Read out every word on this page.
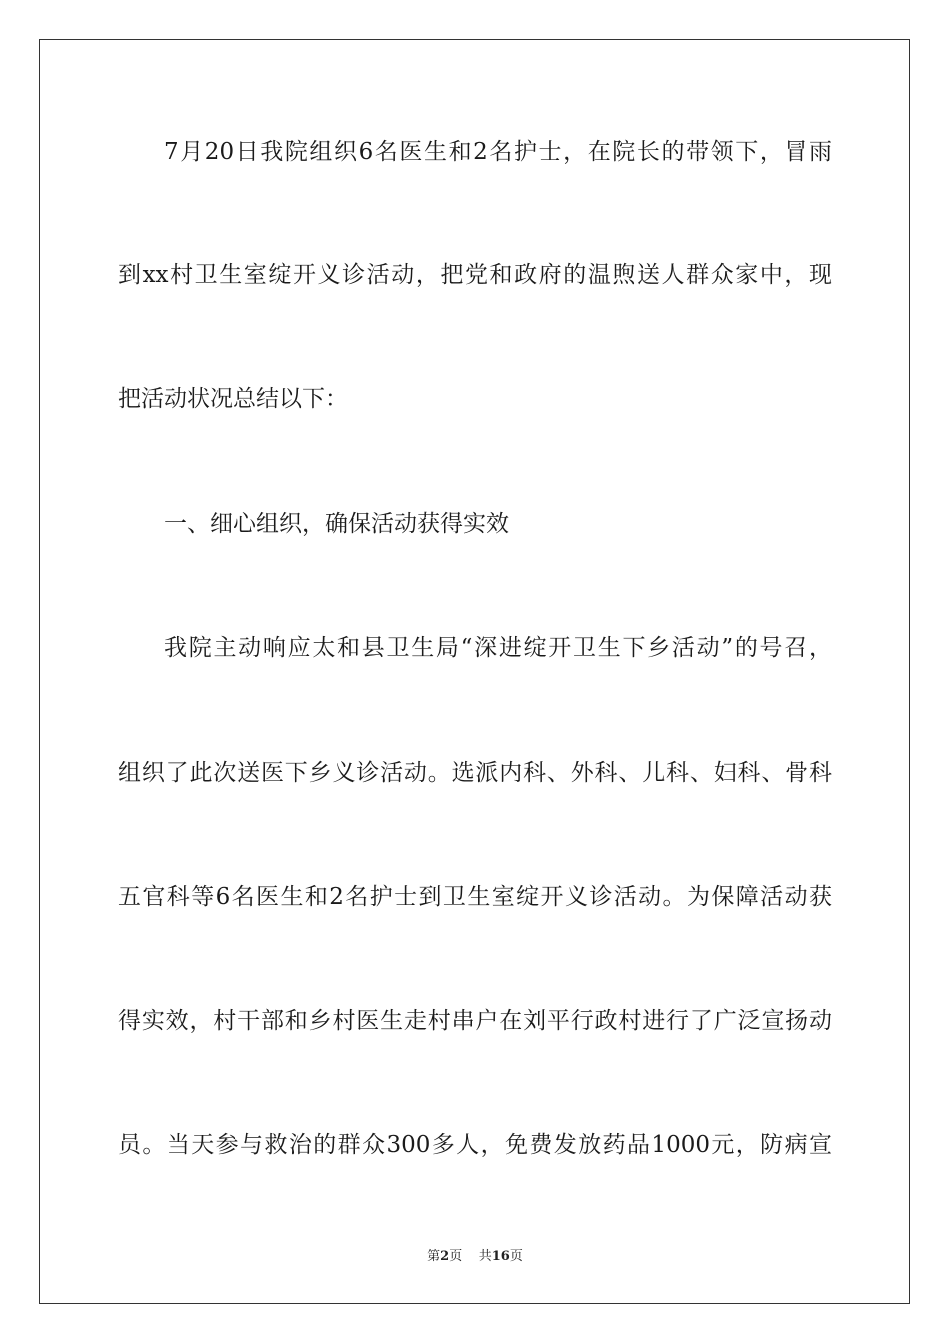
7月20日我院组织6名医生和2名护士，在院长的带领下，冒雨
到xx村卫生室绽开义诊活动，把党和政府的温煦送人群众家中，现
把活动状况总结以下：
一、细心组织，确保活动获得实效
我院主动响应太和县卫生局“深进绽开卫生下乡活动”的号召，
组织了此次送医下乡义诊活动。选派内科、外科、儿科、妇科、骨科
五官科等6名医生和2名护士到卫生室绽开义诊活动。为保障活动获
得实效，村干部和乡村医生走村串户在刘平行政村进行了广泛宣扬动
员。当天参与救治的群众300多人，免费发放药品1000元，防病宣
第2页 共16页
